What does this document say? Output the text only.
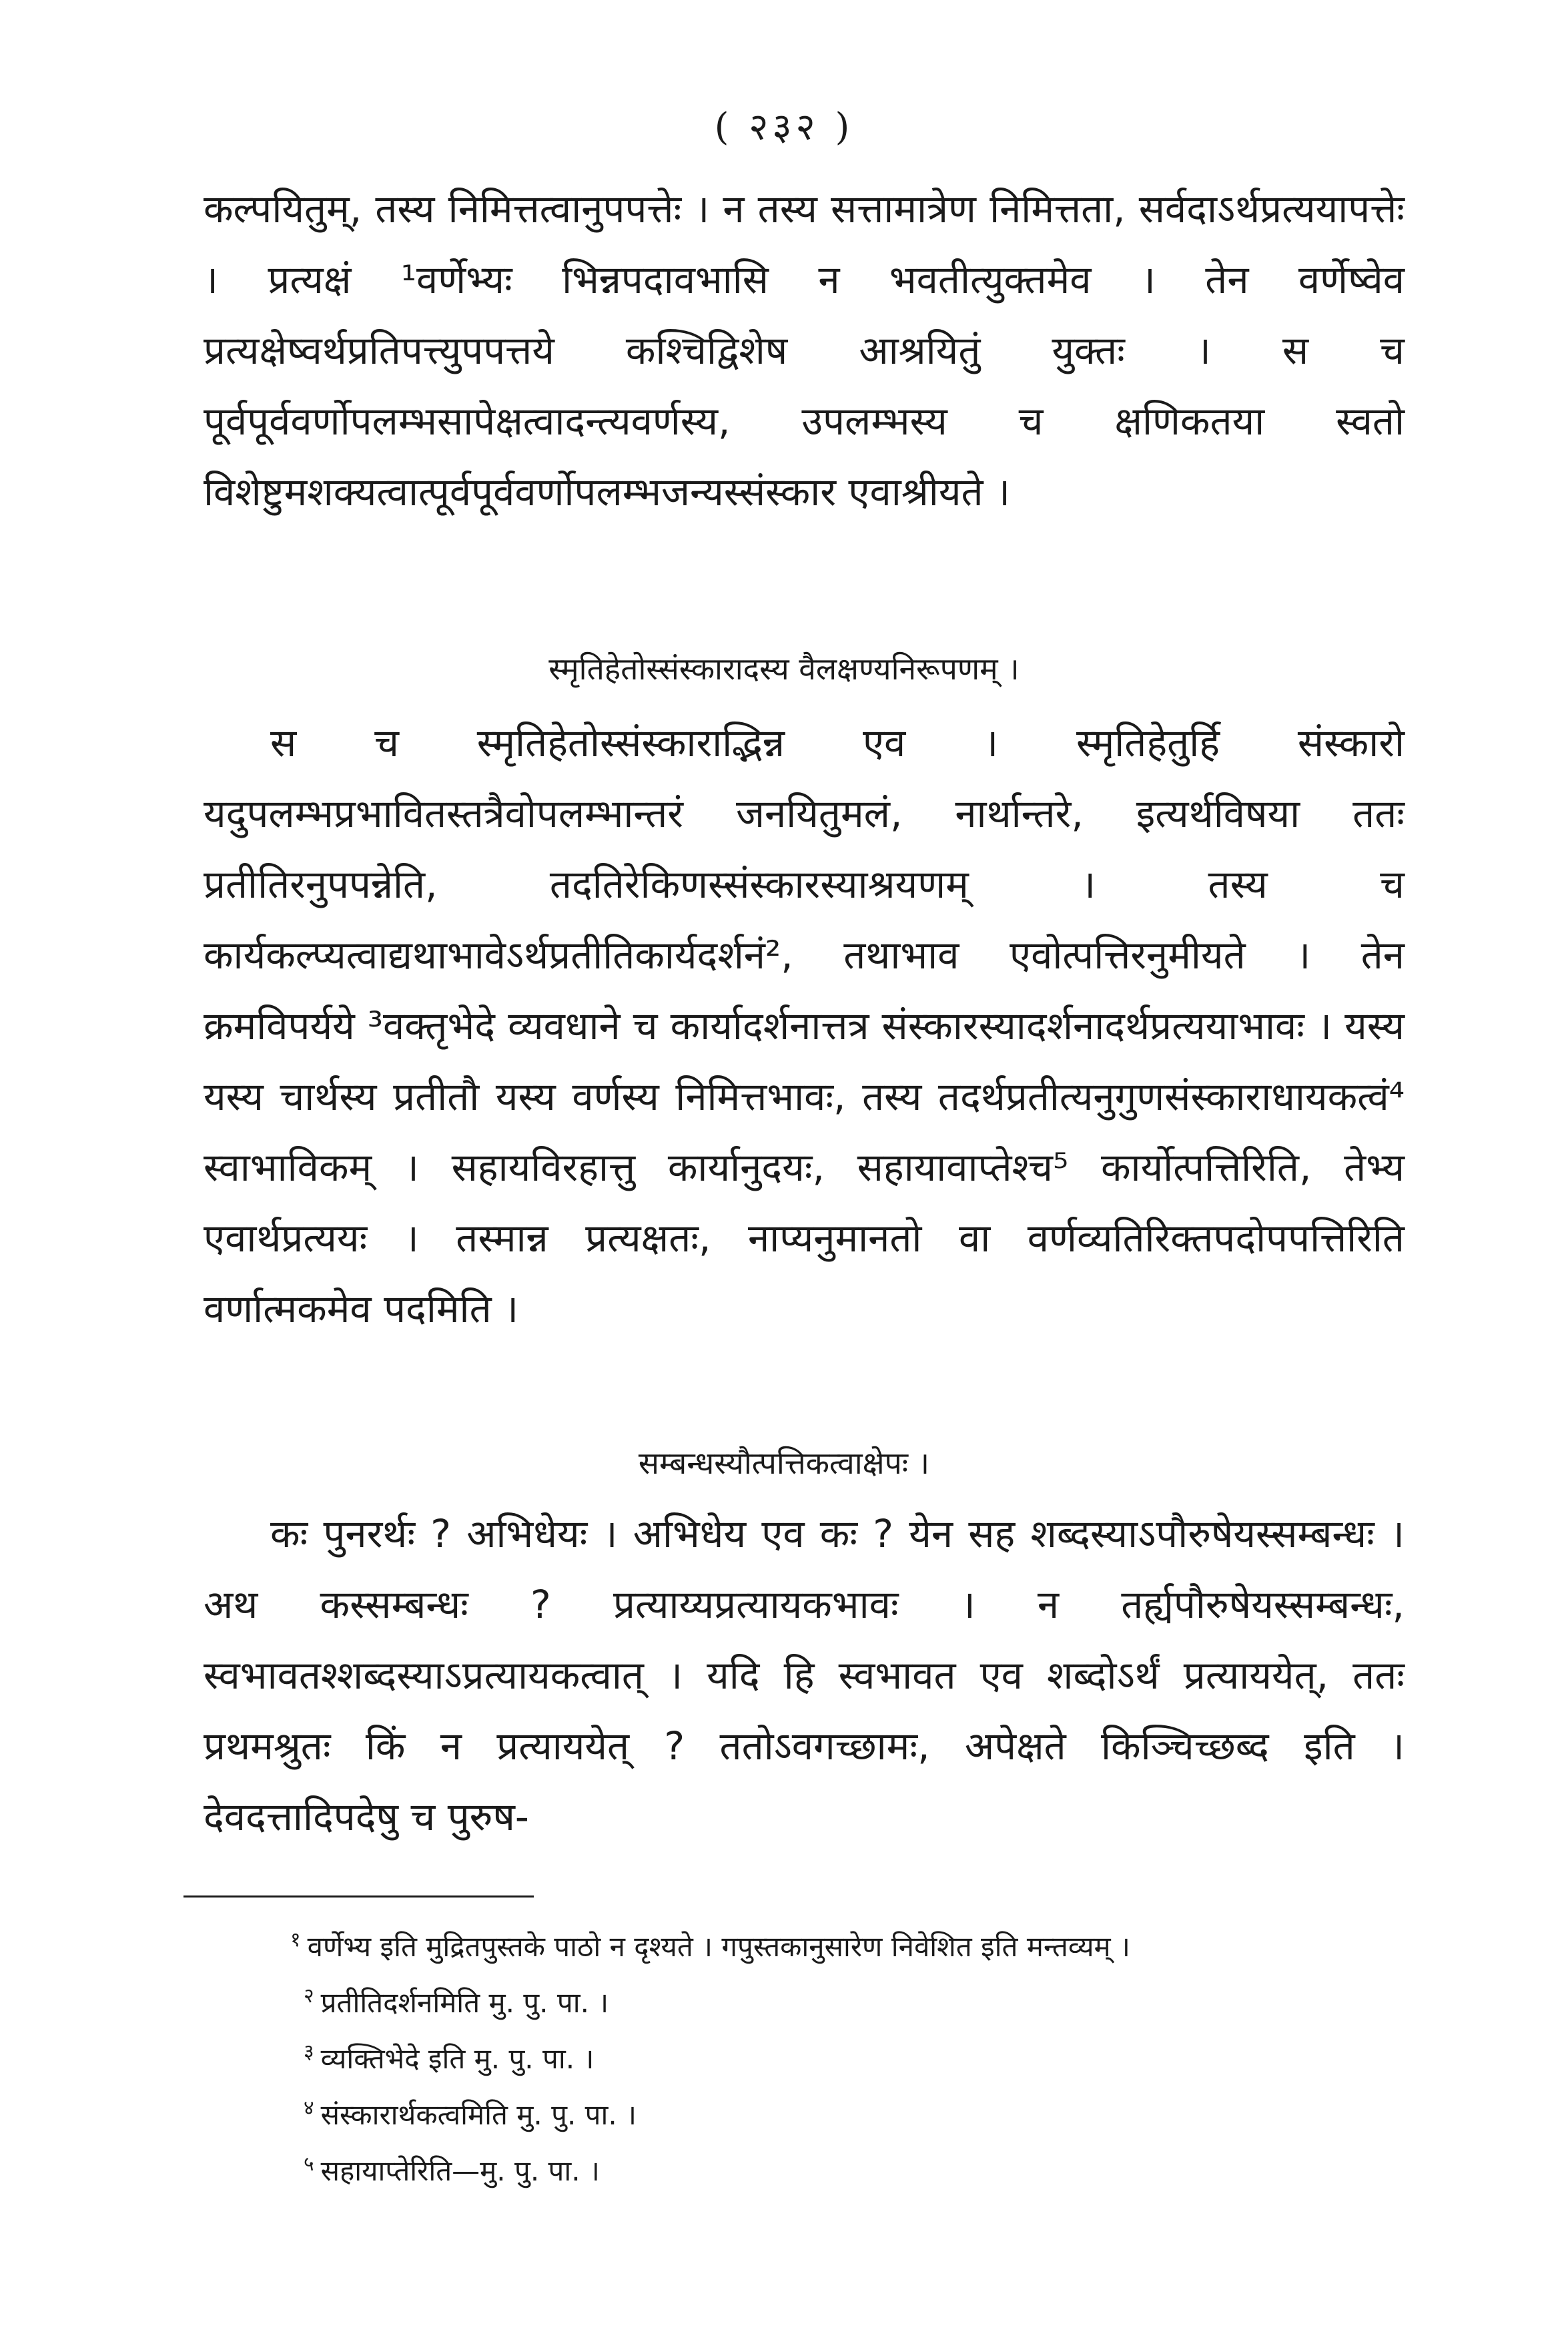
( २३२ )

कल्पयितुम्, तस्य निमित्तत्वानुपपत्तेः । न तस्य सत्तामात्रेण निमित्तता, सर्वदाऽर्थप्रत्ययापत्तेः । प्रत्यक्षं ¹वर्णेभ्यः भिन्नपदावभासि न भवतीत्युक्तमेव । तेन वर्णेष्वेव प्रत्यक्षेष्वर्थप्रतिपत्त्युपपत्तये कश्चिद्विशेष आश्रयितुं युक्तः । स च पूर्वपूर्ववर्णोपलम्भसापेक्षत्वादन्त्यवर्णस्य, उपलम्भस्य च क्षणिकतया स्वतो विशेष्टुमशक्यत्वात्पूर्वपूर्ववर्णोपलम्भजन्यस्संस्कार एवाश्रीयते ।

स्मृतिहेतोस्संस्कारादस्य वैलक्षण्यनिरूपणम् ।

स च स्मृतिहेतोस्संस्काराद्भिन्न एव । स्मृतिहेतुर्हि संस्कारो यदुपलम्भप्रभावितस्तत्रैवोपलम्भान्तरं जनयितुमलं, नार्थान्तरे, इत्यर्थविषया ततः प्रतीतिरनुपपन्नेति, तदतिरेकिणस्संस्कारस्याश्रयणम् । तस्य च कार्यकल्प्यत्वाद्यथाभावेऽर्थप्रतीतिकार्यदर्शनं², तथाभाव एवोत्पत्तिरनुमीयते । तेन क्रमविपर्यये ³वक्तृभेदे व्यवधाने च कार्यादर्शनात्तत्र संस्कारस्यादर्शनादर्थप्रत्ययाभावः । यस्य यस्य चार्थस्य प्रतीतौ यस्य वर्णस्य निमित्तभावः, तस्य तदर्थप्रतीत्यनुगुणसंस्काराधायकत्वं⁴ स्वाभाविकम् । सहायविरहात्तु कार्यानुदयः, सहायावाप्तेश्च⁵ कार्योत्पत्तिरिति, तेभ्य एवार्थप्रत्ययः । तस्मान्न प्रत्यक्षतः, नाप्यनुमानतो वा वर्णव्यतिरिक्तपदोपपत्तिरिति वर्णात्मकमेव पदमिति ।

सम्बन्धस्यौत्पत्तिकत्वाक्षेपः ।

कः पुनरर्थः ? अभिधेयः । अभिधेय एव कः ? येन सह शब्दस्याऽपौरुषेयस्सम्बन्धः । अथ कस्सम्बन्धः ? प्रत्याय्यप्रत्यायकभावः । न तर्ह्यपौरुषेयस्सम्बन्धः, स्वभावतश्शब्दस्याऽप्रत्यायकत्वात् । यदि हि स्वभावत एव शब्दोऽर्थं प्रत्याययेत्, ततः प्रथमश्रुतः किं न प्रत्याययेत् ? ततोऽवगच्छामः, अपेक्षते किञ्चिच्छब्द इति । देवदत्तादिपदेषु च पुरुष-

$^१$ वर्णेभ्य इति मुद्रितपुस्तके पाठो न दृश्यते । गपुस्तकानुसारेण निवेशित इति मन्तव्यम् ।

$^२$ प्रतीतिदर्शनमिति मु. पु. पा. ।

$^३$ व्यक्तिभेदे इति मु. पु. पा. ।

$^४$ संस्कारार्थकत्वमिति मु. पु. पा. ।

$^५$ सहायाप्तेरिति—मु. पु. पा. ।
